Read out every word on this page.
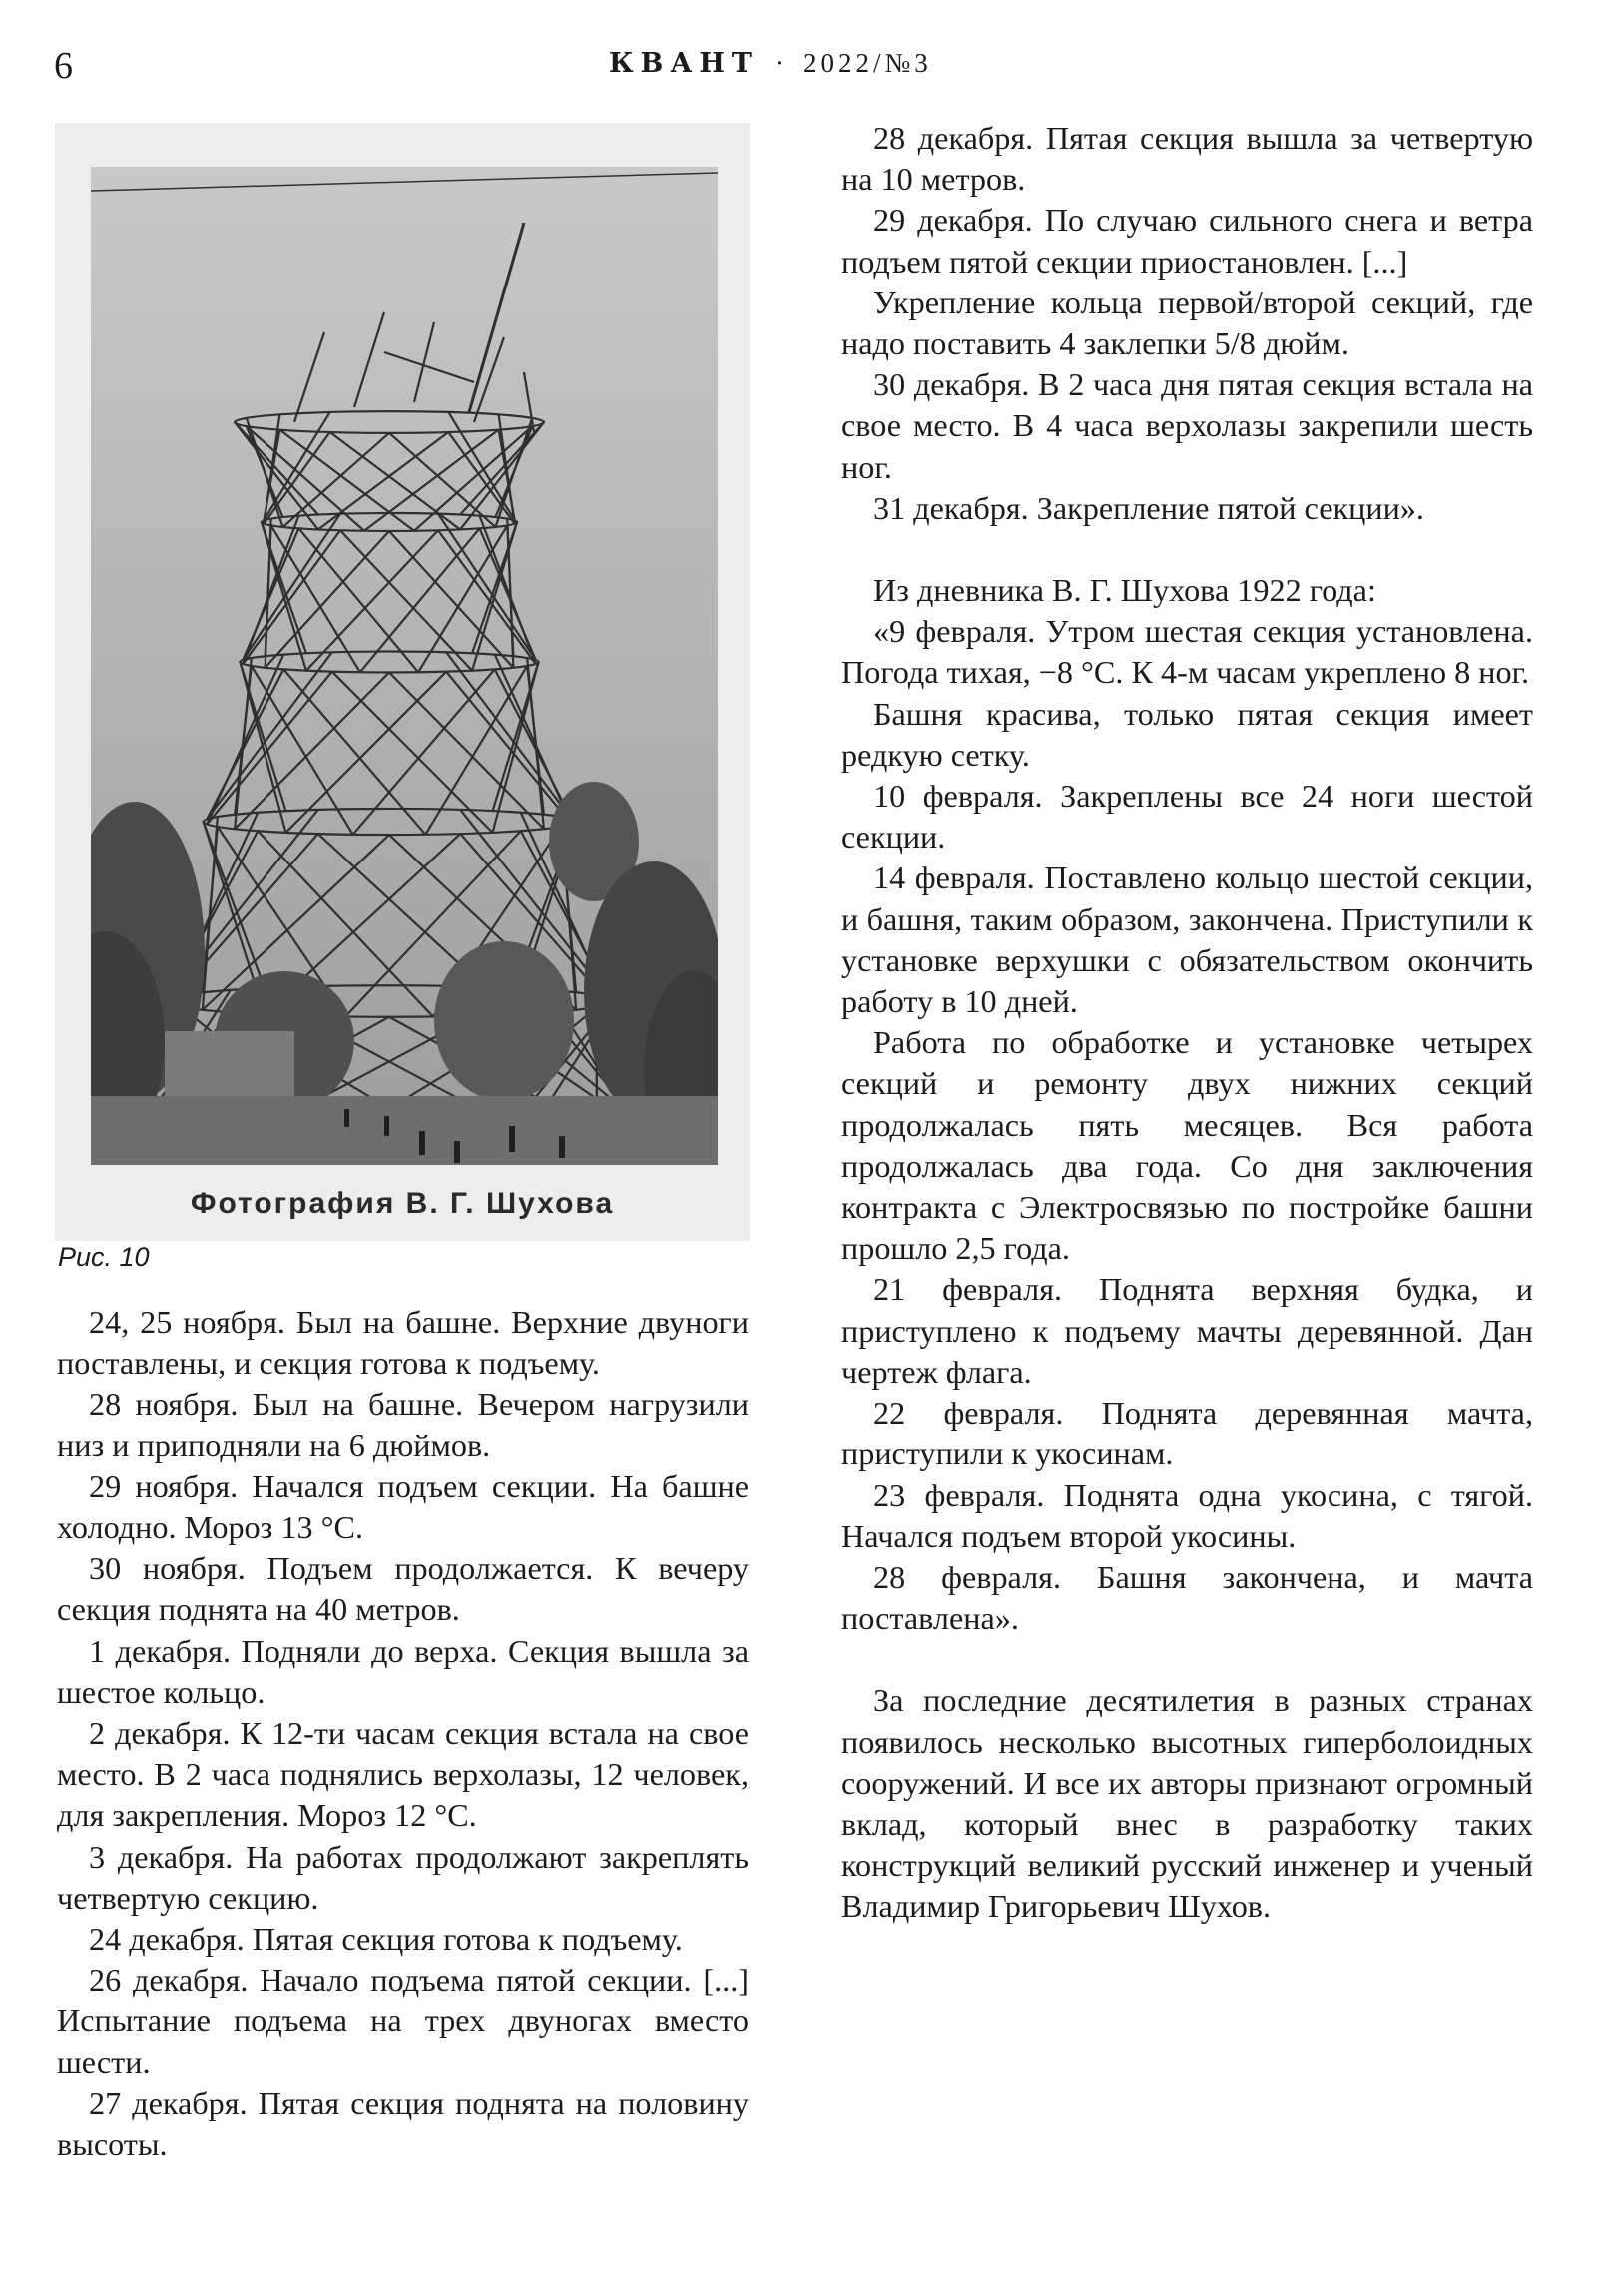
6	КВАНТ · 2022/№3
Фотография В. Г. Шухова
Рис. 10

24, 25 ноября. Был на башне. Верхние двуноги поставлены, и секция готова к подъему.

28 ноября. Был на башне. Вечером нагрузили низ и приподняли на 6 дюймов.

29 ноября. Начался подъем секции. На башне холодно. Мороз 13 °С.

30 ноября. Подъем продолжается. К вечеру секция поднята на 40 метров.

1 декабря. Подняли до верха. Секция вышла за шестое кольцо.

2 декабря. К 12-ти часам секция встала на свое место. В 2 часа поднялись верхолазы, 12 человек, для закрепления. Мороз 12 °С.

3 декабря. На работах продолжают закреплять четвертую секцию.

24 декабря. Пятая секция готова к подъему.

26 декабря. Начало подъема пятой секции. [...] Испытание подъема на трех двуногах вместо шести.

27 декабря. Пятая секция поднята на половину высоты.

28 декабря. Пятая секция вышла за четвертую на 10 метров.

29 декабря. По случаю сильного снега и ветра подъем пятой секции приостановлен. [...]

Укрепление кольца первой/второй секций, где надо поставить 4 заклепки 5/8 дюйм.

30 декабря. В 2 часа дня пятая секция встала на свое место. В 4 часа верхолазы закрепили шесть ног.

31 декабря. Закрепление пятой секции».

Из дневника В. Г. Шухова 1922 года:

«9 февраля. Утром шестая секция установлена. Погода тихая, −8 °С. К 4-м часам укреплено 8 ног.

Башня красива, только пятая секция имеет редкую сетку.

10 февраля. Закреплены все 24 ноги шестой секции.

14 февраля. Поставлено кольцо шестой секции, и башня, таким образом, закончена. Приступили к установке верхушки с обязательством окончить работу в 10 дней.

Работа по обработке и установке четырех секций и ремонту двух нижних секций продолжалась пять месяцев. Вся работа продолжалась два года. Со дня заключения контракта с Электросвязью по постройке башни прошло 2,5 года.

21 февраля. Поднята верхняя будка, и приступлено к подъему мачты деревянной. Дан чертеж флага.

22 февраля. Поднята деревянная мачта, приступили к укосинам.

23 февраля. Поднята одна укосина, с тягой. Начался подъем второй укосины.

28 февраля. Башня закончена, и мачта поставлена».

За последние десятилетия в разных странах появилось несколько высотных гиперболоидных сооружений. И все их авторы признают огромный вклад, который внес в разработку таких конструкций великий русский инженер и ученый Владимир Григорьевич Шухов.
